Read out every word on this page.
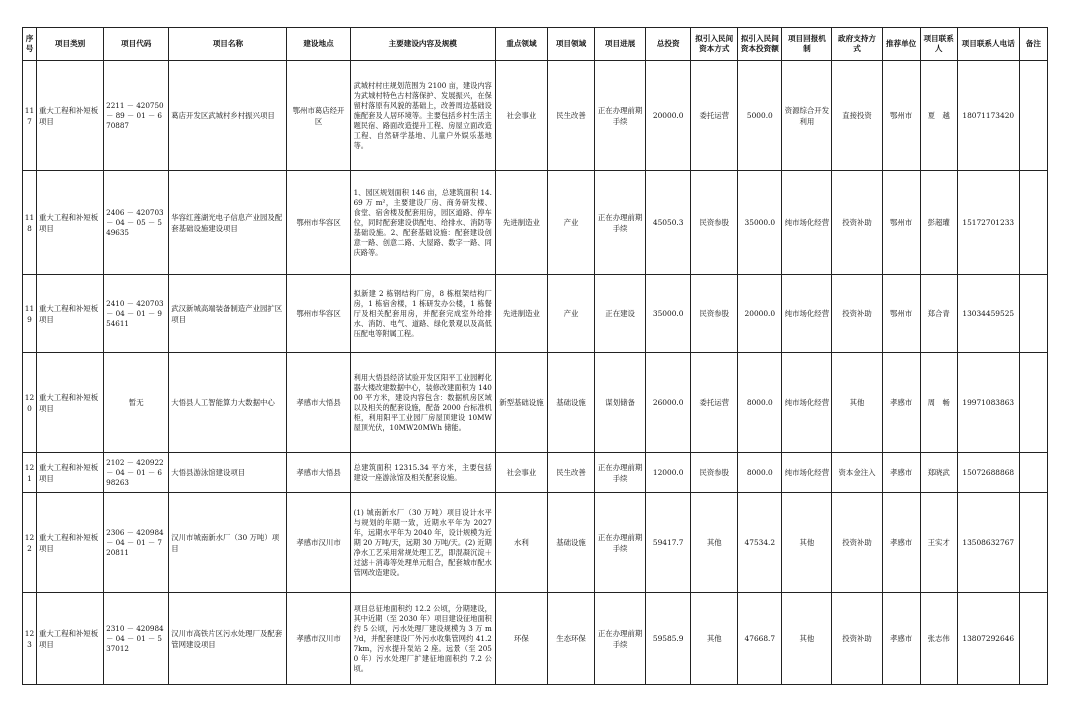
序号	项目类别	项目代码	项目名称	建设地点	主要建设内容及规模	重点领域	项目领域	项目进展	总投资	拟引入民间资本方式	拟引入民间资本投资额	项目回报机制	政府支持方式	推荐单位	项目联系人	项目联系人电话	备注
117	重大工程和补短板项目	2211 － 420750 － 89 － 01 － 670887	葛店开发区武城村乡村振兴项目	鄂州市葛店经开区	武城村村庄规划范围为 2100 亩，建设内容为武城村特色古村落保护、发展振兴，在保留村落原有风貌的基础上，改善周边基础设施配套及人居环境等。主要包括乡村生活主题民宿、路面改造提升工程、房屋立面改造工程、自然研学基地、儿童户外娱乐基地等。	社会事业	民生改善	正在办理前期手续	20000.0	委托运营	5000.0	资源综合开发利用	直接投资	鄂州市	夏　越	18071173420	
118	重大工程和补短板项目	2406 － 420703 － 04 － 05 － 549635	华容红莲湖光电子信息产业园及配套基础设施建设项目	鄂州市华容区	1、园区规划面积 146 亩，总建筑面积 14.69 万 m²，主要建设厂房、商务研发楼、食堂、宿舍楼及配套用房，园区道路、停车位，同时配套建设供配电、给排水、消防等基础设施。2、配套基础设施：配套建设创意一路、创意二路、大屋路、数字一路、同庆路等。	先进制造业	产业	正在办理前期手续	45050.3	民资参股	35000.0	纯市场化经营	投资补助	鄂州市	彭超瓘	15172701233	
119	重大工程和补短板项目	2410 － 420703 － 04 － 01 － 954611	武汉新城高端装备制造产业园扩区项目	鄂州市华容区	拟新建 2 栋钢结构厂房，8 栋框架结构厂房，1 栋宿舍楼，1 栋研发办公楼，1 栋餐厅及相关配套用房，并配套完成室外给排水、消防、电气、道路、绿化景观以及高低压配电等附属工程。	先进制造业	产业	正在建设	35000.0	民资参股	20000.0	纯市场化经营	投资补助	鄂州市	郑合青	13034459525	
120	重大工程和补短板项目	暂无	大悟县人工智能算力大数据中心	孝感市大悟县	利用大悟县经济试验开发区阳平工业园孵化器大楼改建数据中心，装修改建面积为 14000 平方米，建设内容包含：数据机房区域以及相关的配套设施，配备 2000 台标准机柜，利用阳平工业园厂房屋顶建设 10MW 屋顶光伏，10MW20MWh 储能。	新型基础设施	基础设施	谋划储备	26000.0	委托运营	8000.0	纯市场化经营	其他	孝感市	周　畅	19971083863	
121	重大工程和补短板项目	2102 － 420922 － 04 － 01 － 698263	大悟县游泳馆建设项目	孝感市大悟县	总建筑面积 12315.34 平方米，主要包括建设一座游泳馆及相关配套设施。	社会事业	民生改善	正在办理前期手续	12000.0	民资参股	8000.0	纯市场化经营	资本金注入	孝感市	郑晓武	15072688868	
122	重大工程和补短板项目	2306 － 420984 － 04 － 01 － 720811	汉川市城南新水厂（30 万吨）项目	孝感市汉川市	(1) 城南新水厂（30 万吨）项目设计水平与规划的年期一致，近期水平年为 2027 年，远期水平年为 2040 年，设计规模为近期 20 万吨/天，远期 30 万吨/天。(2) 近期净水工艺采用常规处理工艺，即混凝沉淀＋过滤＋消毒等处理单元组合，配套城市配水管网改造建设。	水利	基础设施	正在办理前期手续	59417.7	其他	47534.2	其他	投资补助	孝感市	王实才	13508632767	
123	重大工程和补短板项目	2310 － 420984 － 04 － 01 － 537012	汉川市高铁片区污水处理厂及配套管网建设项目	孝感市汉川市	项目总征地面积约 12.2 公顷，分期建设，其中近期（至 2030 年）项目建设征地面积约 5 公顷，污水处理厂建设规模为 3 万 m³/d，并配套建设厂外污水收集管网约 41.27km，污水提升泵站 2 座。远景（至 2050 年）污水处理厂扩建征地面积约 7.2 公顷。	环保	生态环保	正在办理前期手续	59585.9	其他	47668.7	其他	投资补助	孝感市	张志伟	13807292646	
